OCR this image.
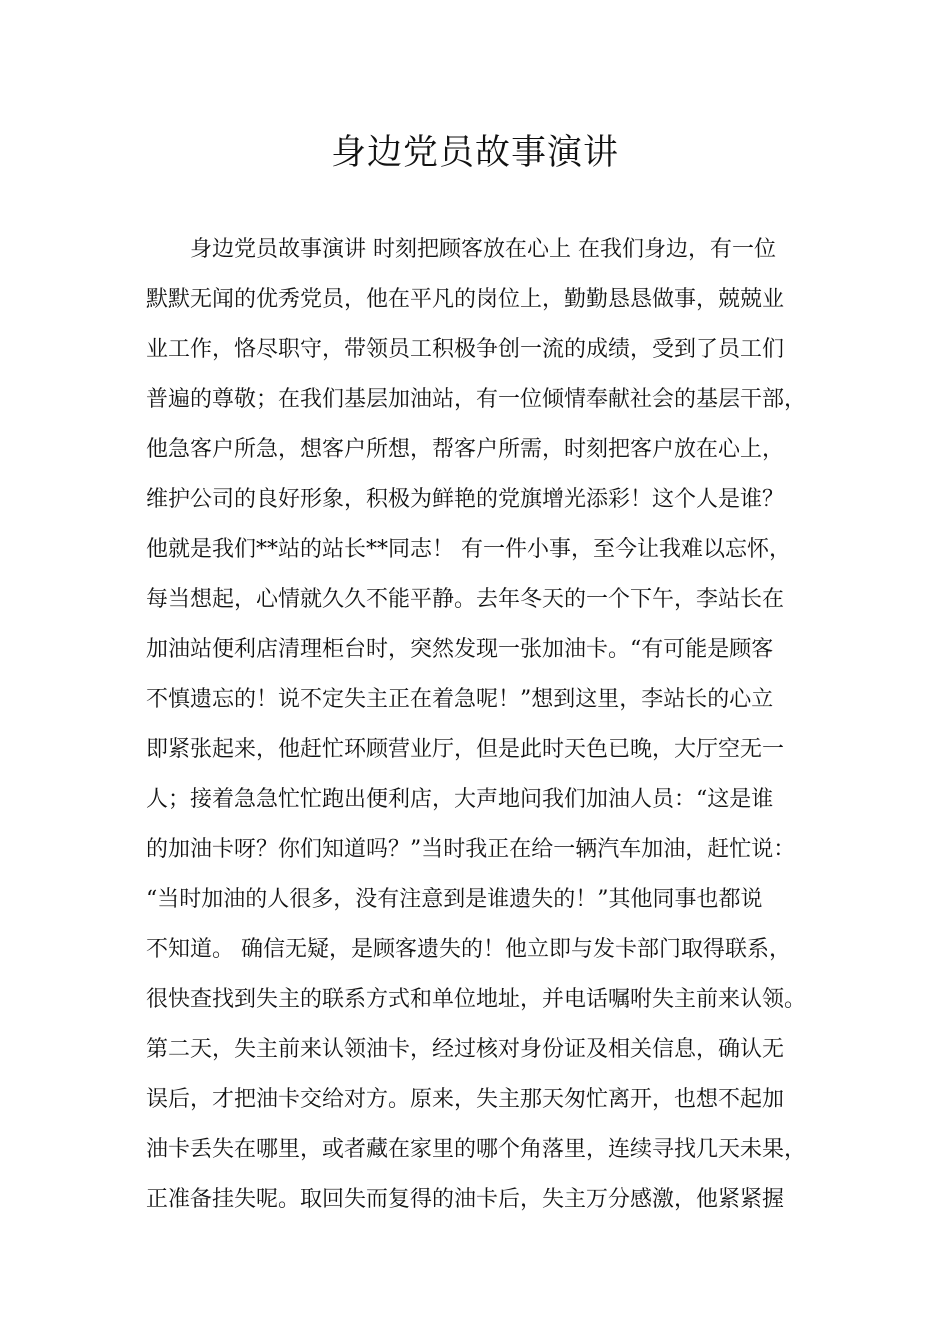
身边党员故事演讲
身边党员故事演讲 时刻把顾客放在心上 在我们身边，有一位
默默无闻的优秀党员，他在平凡的岗位上，勤勤恳恳做事，兢兢业
业工作，恪尽职守，带领员工积极争创一流的成绩，受到了员工们
普遍的尊敬；在我们基层加油站，有一位倾情奉献社会的基层干部，
他急客户所急，想客户所想，帮客户所需，时刻把客户放在心上，
维护公司的良好形象，积极为鲜艳的党旗增光添彩！这个人是谁？
他就是我们**站的站长**同志！ 有一件小事，至今让我难以忘怀，
每当想起，心情就久久不能平静。去年冬天的一个下午，李站长在
加油站便利店清理柜台时，突然发现一张加油卡。“有可能是顾客
不慎遗忘的！说不定失主正在着急呢！”想到这里，李站长的心立
即紧张起来，他赶忙环顾营业厅，但是此时天色已晚，大厅空无一
人；接着急急忙忙跑出便利店，大声地问我们加油人员：“这是谁
的加油卡呀？你们知道吗？”当时我正在给一辆汽车加油，赶忙说：
“当时加油的人很多，没有注意到是谁遗失的！”其他同事也都说
不知道。 确信无疑，是顾客遗失的！他立即与发卡部门取得联系，
很快查找到失主的联系方式和单位地址，并电话嘱咐失主前来认领。
第二天，失主前来认领油卡，经过核对身份证及相关信息，确认无
误后，才把油卡交给对方。原来，失主那天匆忙离开，也想不起加
油卡丢失在哪里，或者藏在家里的哪个角落里，连续寻找几天未果，
正准备挂失呢。取回失而复得的油卡后，失主万分感激，他紧紧握
